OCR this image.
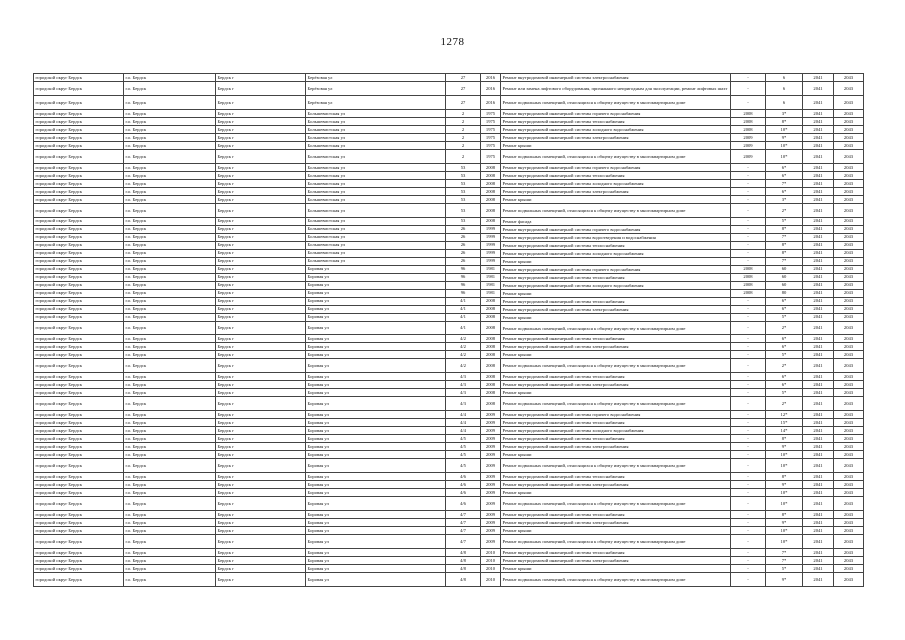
1278
городской округ Бердск	г.о. Бердск	Бердск г	Берёзовая ул	27	2016	Ремонт внутридомовой инженерной системы электроснабжения	-	6	2041	2043
городской округ Бердск	г.о. Бердск	Бердск г	Берёзовая ул	27	2016	Ремонт или замена лифтового оборудования, признанного непригодным для эксплуатации, ремонт лифтовых шахт	-	6	2041	2043
городской округ Бердск	г.о. Бердск	Бердск г	Берёзовая ул	27	2016	Ремонт подвальных помещений, относящихся к общему имуществу в многоквартирном доме	-	6	2041	2043
городской округ Бердск	г.о. Бердск	Бердск г	Большевистская ул	2	1975	Ремонт внутридомовой инженерной системы горячего водоснабжения	2008	3*	2041	2043
городской округ Бердск	г.о. Бердск	Бердск г	Большевистская ул	2	1975	Ремонт внутридомовой инженерной системы теплоснабжения	2008	8*	2041	2043
городской округ Бердск	г.о. Бердск	Бердск г	Большевистская ул	2	1975	Ремонт внутридомовой инженерной системы холодного водоснабжения	2008	10*	2041	2043
городской округ Бердск	г.о. Бердск	Бердск г	Большевистская ул	2	1975	Ремонт внутридомовой инженерной системы электроснабжения	2009	9*	2041	2043
городской округ Бердск	г.о. Бердск	Бердск г	Большевистская ул	2	1975	Ремонт крыши	2009	10*	2041	2043
городской округ Бердск	г.о. Бердск	Бердск г	Большевистская ул	2	1975	Ремонт подвальных помещений, относящихся к общему имуществу в многоквартирном доме	2009	10*	2041	2043
городской округ Бердск	г.о. Бердск	Бердск г	Большевистская ул	53	2008	Ремонт внутридомовой инженерной системы горячего водоснабжения	-	6*	2041	2043
городской округ Бердск	г.о. Бердск	Бердск г	Большевистская ул	53	2008	Ремонт внутридомовой инженерной системы теплоснабжения	-	6*	2041	2043
городской округ Бердск	г.о. Бердск	Бердск г	Большевистская ул	53	2008	Ремонт внутридомовой инженерной системы холодного водоснабжения	-	7*	2041	2043
городской округ Бердск	г.о. Бердск	Бердск г	Большевистская ул	53	2008	Ремонт внутридомовой инженерной системы электроснабжения	-	6*	2041	2043
городской округ Бердск	г.о. Бердск	Бердск г	Большевистская ул	53	2008	Ремонт крыши	-	3*	2041	2043
городской округ Бердск	г.о. Бердск	Бердск г	Большевистская ул	53	2008	Ремонт подвальных помещений, относящихся к общему имуществу в многоквартирном доме	-	2*	2041	2043
городской округ Бердск	г.о. Бердск	Бердск г	Большевистская ул	53	2008	Ремонт фасада	-	5*	2041	2043
городской округ Бердск	г.о. Бердск	Бердск г	Большевистская ул	26	1999	Ремонт внутридомовой инженерной системы горячего водоснабжения	-	8*	2041	2043
городской округ Бердск	г.о. Бердск	Бердск г	Большевистская ул	26	1999	Ремонт внутридомовой инженерной системы водоотведения и водоснабжения	-	7*	2041	2043
городской округ Бердск	г.о. Бердск	Бердск г	Большевистская ул	26	1999	Ремонт внутридомовой инженерной системы теплоснабжения	-	8*	2041	2043
городской округ Бердск	г.о. Бердск	Бердск г	Большевистская ул	26	1999	Ремонт внутридомовой инженерной системы холодного водоснабжения	-	8*	2041	2043
городской округ Бердск	г.о. Бердск	Бердск г	Большевистская ул	26	1999	Ремонт крыши	-	7*	2041	2043
городской округ Бердск	г.о. Бердск	Бердск г	Боровая ул	96	1981	Ремонт внутридомовой инженерной системы горячего водоснабжения	2008	60	2041	2043
городской округ Бердск	г.о. Бердск	Бердск г	Боровая ул	96	1981	Ремонт внутридомовой инженерной системы теплоснабжения	2008	60	2041	2043
городской округ Бердск	г.о. Бердск	Бердск г	Боровая ул	96	1981	Ремонт внутридомовой инженерной системы холодного водоснабжения	2008	60	2041	2043
городской округ Бердск	г.о. Бердск	Бердск г	Боровая ул	96	1981	Ремонт крыши	2008	80	2041	2043
городской округ Бердск	г.о. Бердск	Бердск г	Боровая ул	4/1	2008	Ремонт внутридомовой инженерной системы теплоснабжения	-	6*	2041	2043
городской округ Бердск	г.о. Бердск	Бердск г	Боровая ул	4/1	2008	Ремонт внутридомовой инженерной системы электроснабжения	-	6*	2041	2043
городской округ Бердск	г.о. Бердск	Бердск г	Боровая ул	4/1	2008	Ремонт крыши	-	5*	2041	2043
городской округ Бердск	г.о. Бердск	Бердск г	Боровая ул	4/1	2008	Ремонт подвальных помещений, относящихся к общему имуществу в многоквартирном доме	-	2*	2041	2043
городской округ Бердск	г.о. Бердск	Бердск г	Боровая ул	4/2	2008	Ремонт внутридомовой инженерной системы теплоснабжения	-	6*	2041	2043
городской округ Бердск	г.о. Бердск	Бердск г	Боровая ул	4/2	2008	Ремонт внутридомовой инженерной системы электроснабжения	-	6*	2041	2043
городской округ Бердск	г.о. Бердск	Бердск г	Боровая ул	4/2	2008	Ремонт крыши	-	5*	2041	2043
городской округ Бердск	г.о. Бердск	Бердск г	Боровая ул	4/2	2008	Ремонт подвальных помещений, относящихся к общему имуществу в многоквартирном доме	-	2*	2041	2043
городской округ Бердск	г.о. Бердск	Бердск г	Боровая ул	4/3	2008	Ремонт внутридомовой инженерной системы теплоснабжения	-	6*	2041	2043
городской округ Бердск	г.о. Бердск	Бердск г	Боровая ул	4/3	2008	Ремонт внутридомовой инженерной системы электроснабжения	-	6*	2041	2043
городской округ Бердск	г.о. Бердск	Бердск г	Боровая ул	4/3	2008	Ремонт крыши	-	5*	2041	2043
городской округ Бердск	г.о. Бердск	Бердск г	Боровая ул	4/3	2008	Ремонт подвальных помещений, относящихся к общему имуществу в многоквартирном доме	-	2*	2041	2043
городской округ Бердск	г.о. Бердск	Бердск г	Боровая ул	4/4	2009	Ремонт внутридомовой инженерной системы горячего водоснабжения	-	12*	2041	2043
городской округ Бердск	г.о. Бердск	Бердск г	Боровая ул	4/4	2009	Ремонт внутридомовой инженерной системы теплоснабжения	-	15*	2041	2043
городской округ Бердск	г.о. Бердск	Бердск г	Боровая ул	4/4	2009	Ремонт внутридомовой инженерной системы холодного водоснабжения	-	14*	2041	2043
городской округ Бердск	г.о. Бердск	Бердск г	Боровая ул	4/5	2009	Ремонт внутридомовой инженерной системы теплоснабжения	-	8*	2041	2043
городской округ Бердск	г.о. Бердск	Бердск г	Боровая ул	4/5	2009	Ремонт внутридомовой инженерной системы электроснабжения	-	9*	2041	2043
городской округ Бердск	г.о. Бердск	Бердск г	Боровая ул	4/5	2009	Ремонт крыши	-	10*	2041	2043
городской округ Бердск	г.о. Бердск	Бердск г	Боровая ул	4/5	2009	Ремонт подвальных помещений, относящихся к общему имуществу в многоквартирном доме	-	10*	2041	2043
городской округ Бердск	г.о. Бердск	Бердск г	Боровая ул	4/6	2009	Ремонт внутридомовой инженерной системы теплоснабжения	-	8*	2041	2043
городской округ Бердск	г.о. Бердск	Бердск г	Боровая ул	4/6	2009	Ремонт внутридомовой инженерной системы электроснабжения	-	9*	2041	2043
городской округ Бердск	г.о. Бердск	Бердск г	Боровая ул	4/6	2009	Ремонт крыши	-	10*	2041	2043
городской округ Бердск	г.о. Бердск	Бердск г	Боровая ул	4/6	2009	Ремонт подвальных помещений, относящихся к общему имуществу в многоквартирном доме	-	10*	2041	2043
городской округ Бердск	г.о. Бердск	Бердск г	Боровая ул	4/7	2009	Ремонт внутридомовой инженерной системы теплоснабжения	-	8*	2041	2043
городской округ Бердск	г.о. Бердск	Бердск г	Боровая ул	4/7	2009	Ремонт внутридомовой инженерной системы электроснабжения	-	9*	2041	2043
городской округ Бердск	г.о. Бердск	Бердск г	Боровая ул	4/7	2009	Ремонт крыши	-	10*	2041	2043
городской округ Бердск	г.о. Бердск	Бердск г	Боровая ул	4/7	2009	Ремонт подвальных помещений, относящихся к общему имуществу в многоквартирном доме	-	10*	2041	2043
городской округ Бердск	г.о. Бердск	Бердск г	Боровая ул	4/8	2010	Ремонт внутридомовой инженерной системы теплоснабжения	-	7*	2041	2043
городской округ Бердск	г.о. Бердск	Бердск г	Боровая ул	4/8	2010	Ремонт внутридомовой инженерной системы электроснабжения	-	7*	2041	2043
городской округ Бердск	г.о. Бердск	Бердск г	Боровая ул	4/8	2010	Ремонт крыши	-	5*	2041	2043
городской округ Бердск	г.о. Бердск	Бердск г	Боровая ул	4/8	2010	Ремонт подвальных помещений, относящихся к общему имуществу в многоквартирном доме	-	9*	2041	2043
